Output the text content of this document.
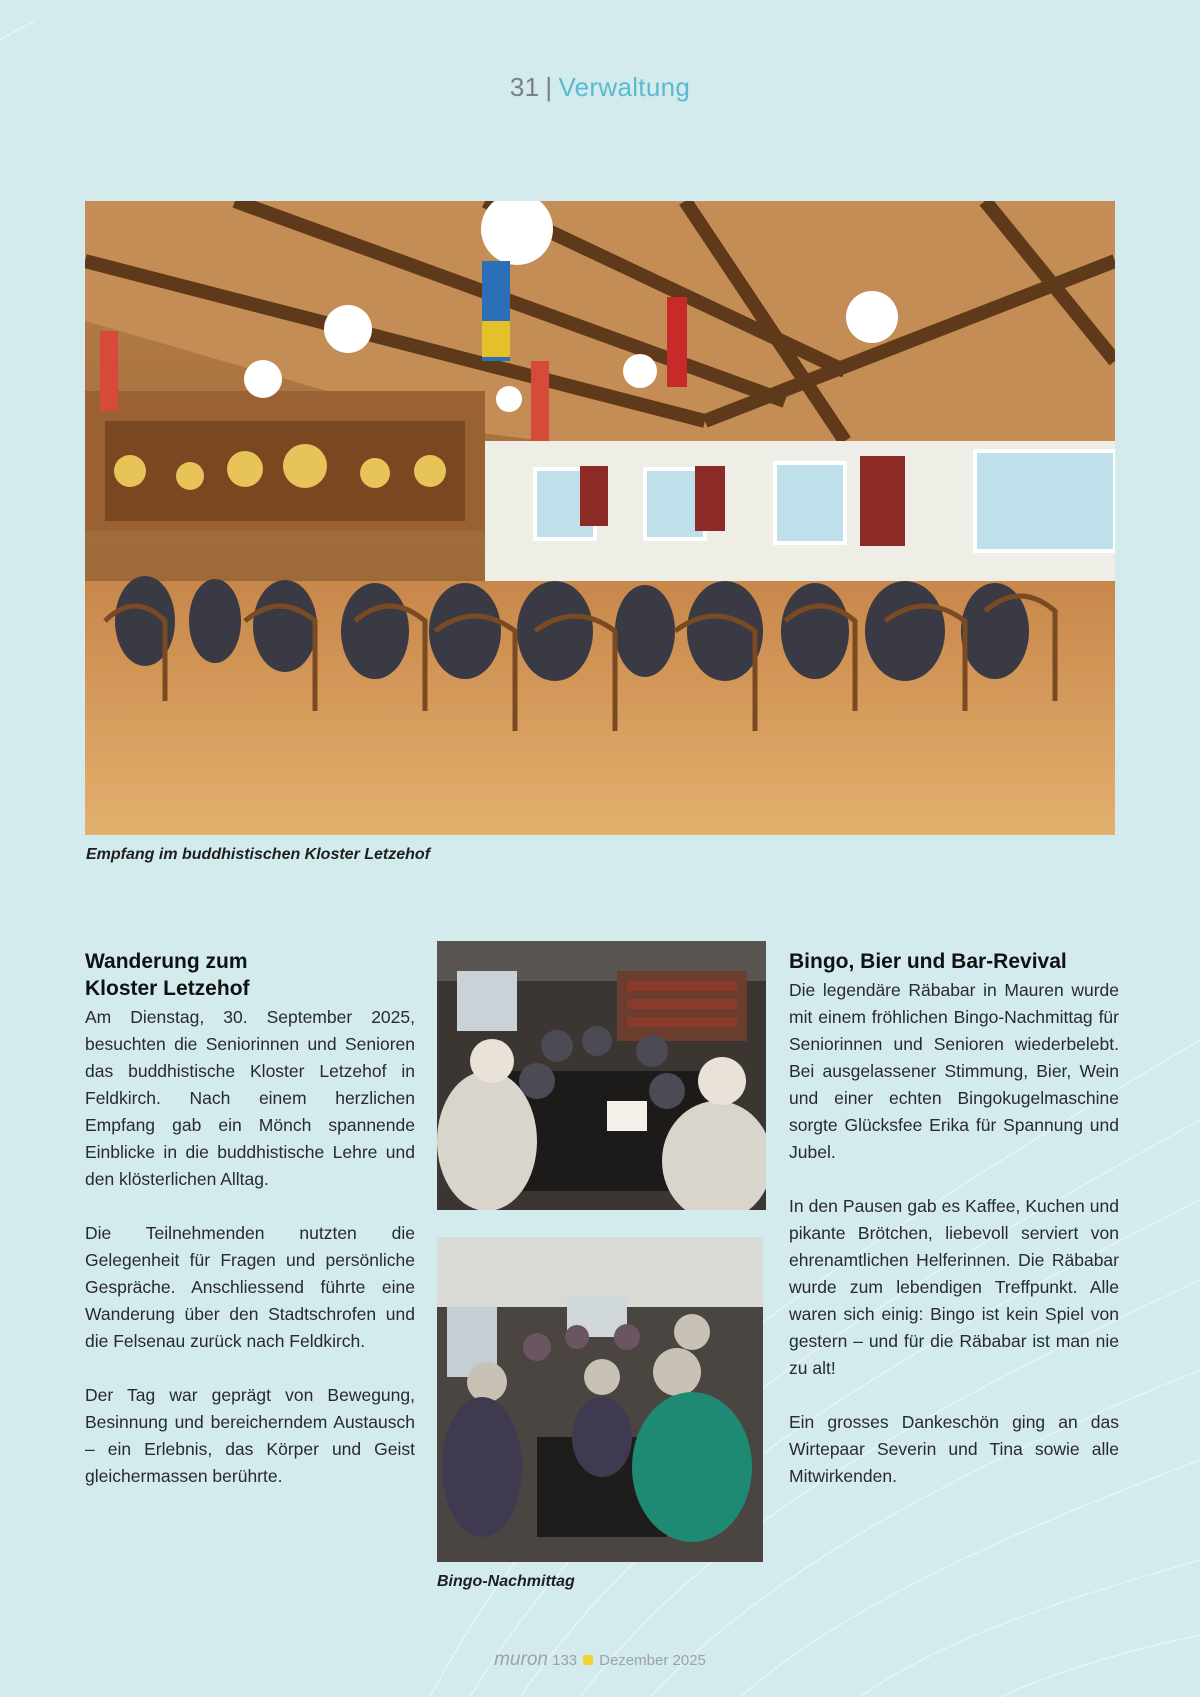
31 | Verwaltung
Empfang im buddhistischen Kloster Letzehof
Wanderung zum
Kloster Letzehof

Am Dienstag, 30. September 2025, besuchten die Seniorinnen und Senioren das buddhistische Kloster Letzehof in Feldkirch. Nach einem herzlichen Empfang gab ein Mönch spannende Einblicke in die buddhistische Lehre und den klösterlichen Alltag.

Die Teilnehmenden nutzten die Gelegenheit für Fragen und persönliche Gespräche. Anschliessend führte eine Wanderung über den Stadtschrofen und die Felsenau zurück nach Feldkirch.

Der Tag war geprägt von Bewegung, Besinnung und bereicherndem Austausch – ein Erlebnis, das Körper und Geist gleichermassen berührte.

Bingo-Nachmittag
Bingo, Bier und Bar-Revival

Die legendäre Räbabar in Mauren wurde mit einem fröhlichen Bingo-Nachmittag für Seniorinnen und Senioren wiederbelebt. Bei ausgelassener Stimmung, Bier, Wein und einer echten Bingokugelmaschine sorgte Glücksfee Erika für Spannung und Jubel.

In den Pausen gab es Kaffee, Kuchen und pikante Brötchen, liebevoll serviert von ehrenamtlichen Helferinnen. Die Räbabar wurde zum lebendigen Treffpunkt. Alle waren sich einig: Bingo ist kein Spiel von gestern – und für die Räbabar ist man nie zu alt!

Ein grosses Dankeschön ging an das Wirtepaar Severin und Tina sowie alle Mitwirkenden.

muron 133 Dezember 2025
